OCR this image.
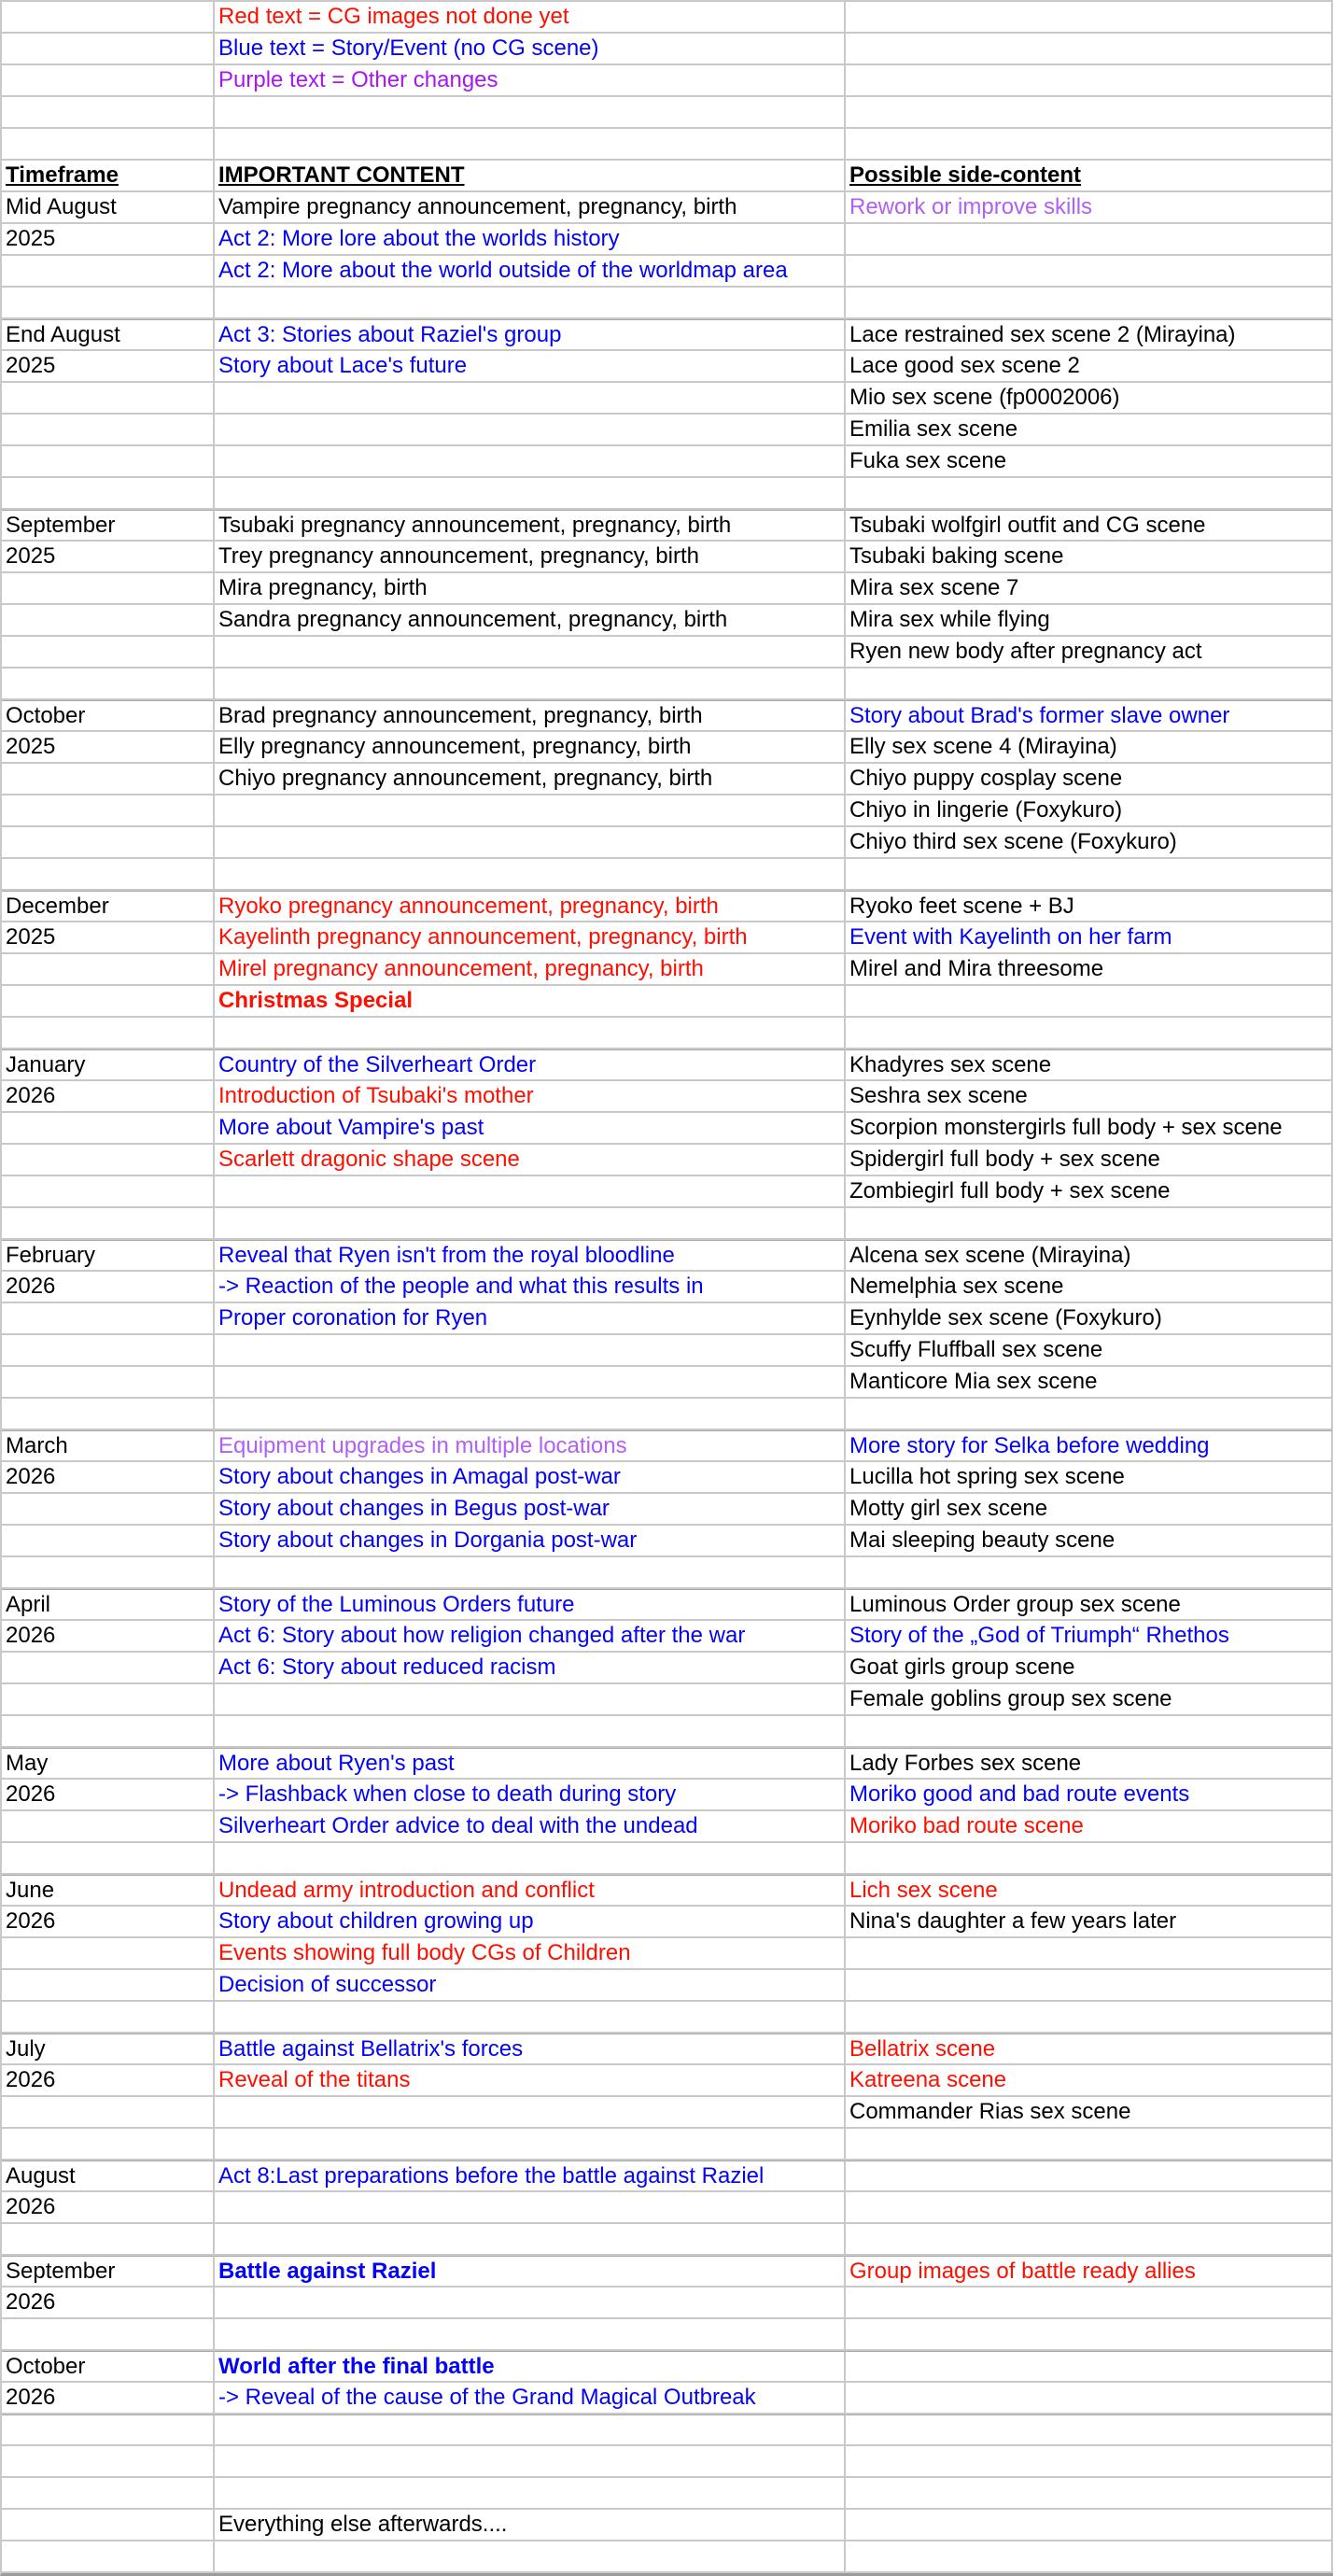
	Red text = CG images not done yet	
	Blue text = Story/Event (no CG scene)	
	Purple text = Other changes	

Timeframe	IMPORTANT CONTENT	Possible side-content
Mid August	Vampire pregnancy announcement, pregnancy, birth	Rework or improve skills
2025	Act 2: More lore about the worlds history	
	Act 2: More about the world outside of the worldmap area	

End August	Act 3: Stories about Raziel's group	Lace restrained sex scene 2 (Mirayina)
2025	Story about Lace's future	Lace good sex scene 2
		Mio sex scene (fp0002006)
		Emilia sex scene
		Fuka sex scene

September	Tsubaki pregnancy announcement, pregnancy, birth	Tsubaki wolfgirl outfit and CG scene
2025	Trey pregnancy announcement, pregnancy, birth	Tsubaki baking scene
	Mira pregnancy, birth	Mira sex scene 7
	Sandra pregnancy announcement, pregnancy, birth	Mira sex while flying
		Ryen new body after pregnancy act

October	Brad pregnancy announcement, pregnancy, birth	Story about Brad's former slave owner
2025	Elly pregnancy announcement, pregnancy, birth	Elly sex scene 4 (Mirayina)
	Chiyo pregnancy announcement, pregnancy, birth	Chiyo puppy cosplay scene
		Chiyo in lingerie (Foxykuro)
		Chiyo third sex scene (Foxykuro)

December	Ryoko pregnancy announcement, pregnancy, birth	Ryoko feet scene + BJ
2025	Kayelinth pregnancy announcement, pregnancy, birth	Event with Kayelinth on her farm
	Mirel pregnancy announcement, pregnancy, birth	Mirel and Mira threesome
	Christmas Special	

January	Country of the Silverheart Order	Khadyres sex scene
2026	Introduction of Tsubaki's mother	Seshra sex scene
	More about Vampire's past	Scorpion monstergirls full body + sex scene
	Scarlett dragonic shape scene	Spidergirl full body + sex scene
		Zombiegirl full body + sex scene

February	Reveal that Ryen isn't from the royal bloodline	Alcena sex scene (Mirayina)
2026	-> Reaction of the people and what this results in	Nemelphia sex scene
	Proper coronation for Ryen	Eynhylde sex scene (Foxykuro)
		Scuffy Fluffball sex scene
		Manticore Mia sex scene

March	Equipment upgrades in multiple locations	More story for Selka before wedding
2026	Story about changes in Amagal post-war	Lucilla hot spring sex scene
	Story about changes in Begus post-war	Motty girl sex scene
	Story about changes in Dorgania post-war	Mai sleeping beauty scene

April	Story of the Luminous Orders future	Luminous Order group sex scene
2026	Act 6: Story about how religion changed after the war	Story of the „God of Triumph“ Rhethos
	Act 6: Story about reduced racism	Goat girls group scene
		Female goblins group sex scene

May	More about Ryen's past	Lady Forbes sex scene
2026	-> Flashback when close to death during story	Moriko good and bad route events
	Silverheart Order advice to deal with the undead	Moriko bad route scene

June	Undead army introduction and conflict	Lich sex scene
2026	Story about children growing up	Nina's daughter a few years later
	Events showing full body CGs of Children	
	Decision of successor	

July	Battle against Bellatrix's forces	Bellatrix scene
2026	Reveal of the titans	Katreena scene
		Commander Rias sex scene

August	Act 8:Last preparations before the battle against Raziel	
2026		

September	Battle against Raziel	Group images of battle ready allies
2026		

October	World after the final battle	
2026	-> Reveal of the cause of the Grand Magical Outbreak	

	Everything else afterwards....	
